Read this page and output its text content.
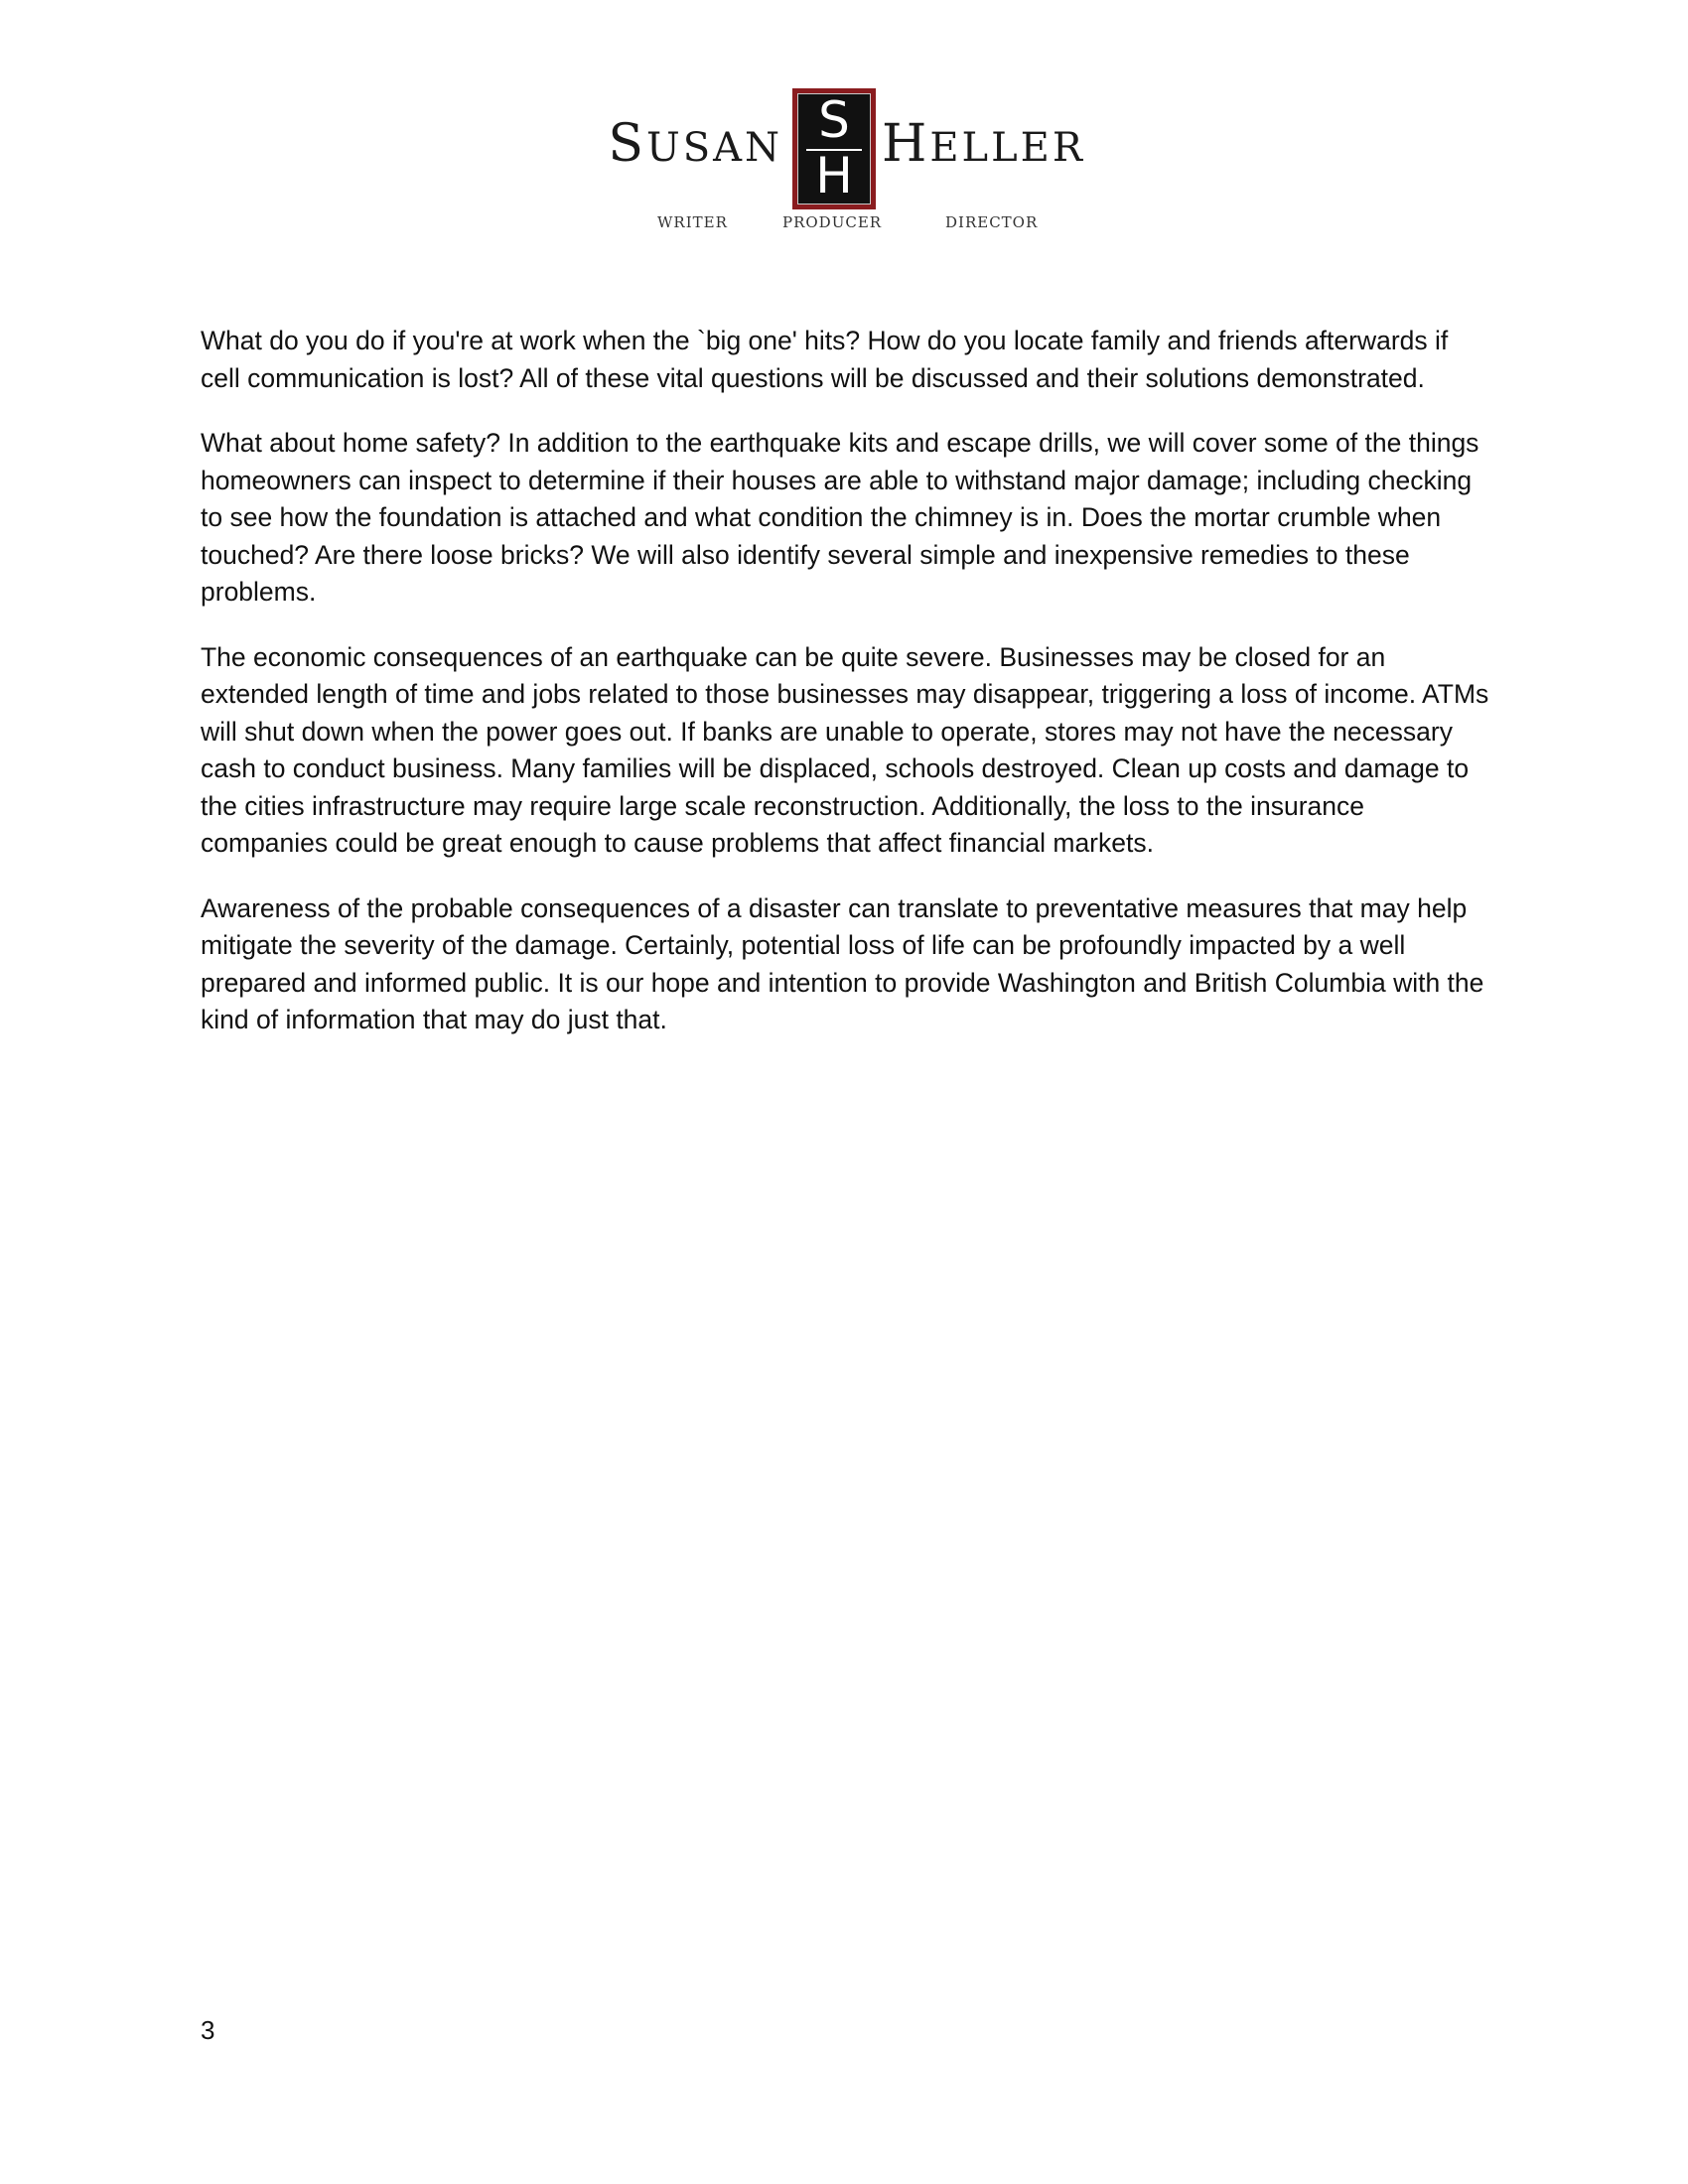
SUSAN S
H
HELLER
WRITER	PRODUCER	DIRECTOR

What do you do if you're at work when the `big one' hits? How do you locate family and friends afterwards if cell communication is lost? All of these vital questions will be discussed and their solutions demonstrated.

What about home safety? In addition to the earthquake kits and escape drills, we will cover some of the things homeowners can inspect to determine if their houses are able to withstand major damage; including checking to see how the foundation is attached and what condition the chimney is in. Does the mortar crumble when touched? Are there loose bricks? We will also identify several simple and inexpensive remedies to these problems.

The economic consequences of an earthquake can be quite severe. Businesses may be closed for an extended length of time and jobs related to those businesses may disappear, triggering a loss of income. ATMs will shut down when the power goes out. If banks are unable to operate, stores may not have the necessary cash to conduct business. Many families will be displaced, schools destroyed. Clean up costs and damage to the cities infrastructure may require large scale reconstruction. Additionally, the loss to the insurance companies could be great enough to cause problems that affect financial markets.

Awareness of the probable consequences of a disaster can translate to preventative measures that may help mitigate the severity of the damage. Certainly, potential loss of life can be profoundly impacted by a well prepared and informed public. It is our hope and intention to provide Washington and British Columbia with the kind of information that may do just that.

3
